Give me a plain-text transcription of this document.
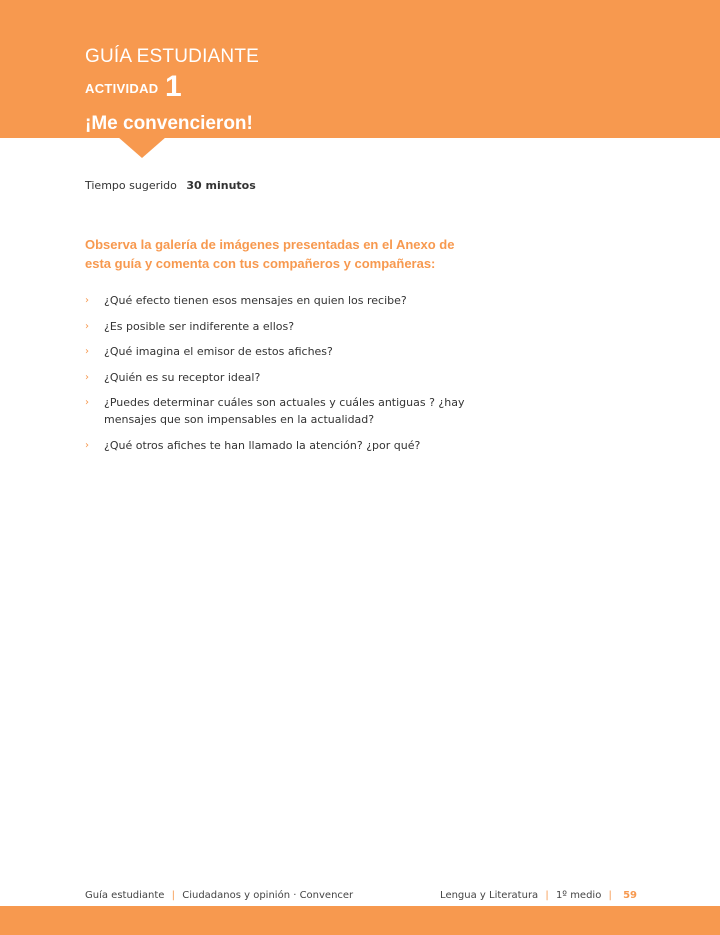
GUÍA ESTUDIANTE
ACTIVIDAD 1
¡Me convencieron!
Tiempo sugerido 30 minutos
Observa la galería de imágenes presentadas en el Anexo de esta guía y comenta con tus compañeros y compañeras:
› ¿Qué efecto tienen esos mensajes en quien los recibe?
› ¿Es posible ser indiferente a ellos?
› ¿Qué imagina el emisor de estos afiches?
› ¿Quién es su receptor ideal?
› ¿Puedes determinar cuáles son actuales y cuáles antiguas ? ¿hay mensajes que son impensables en la actualidad?
› ¿Qué otros afiches te han llamado la atención? ¿por qué?
Guía estudiante | Ciudadanos y opinión · Convencer	Lengua y Literatura | 1º medio | 59
